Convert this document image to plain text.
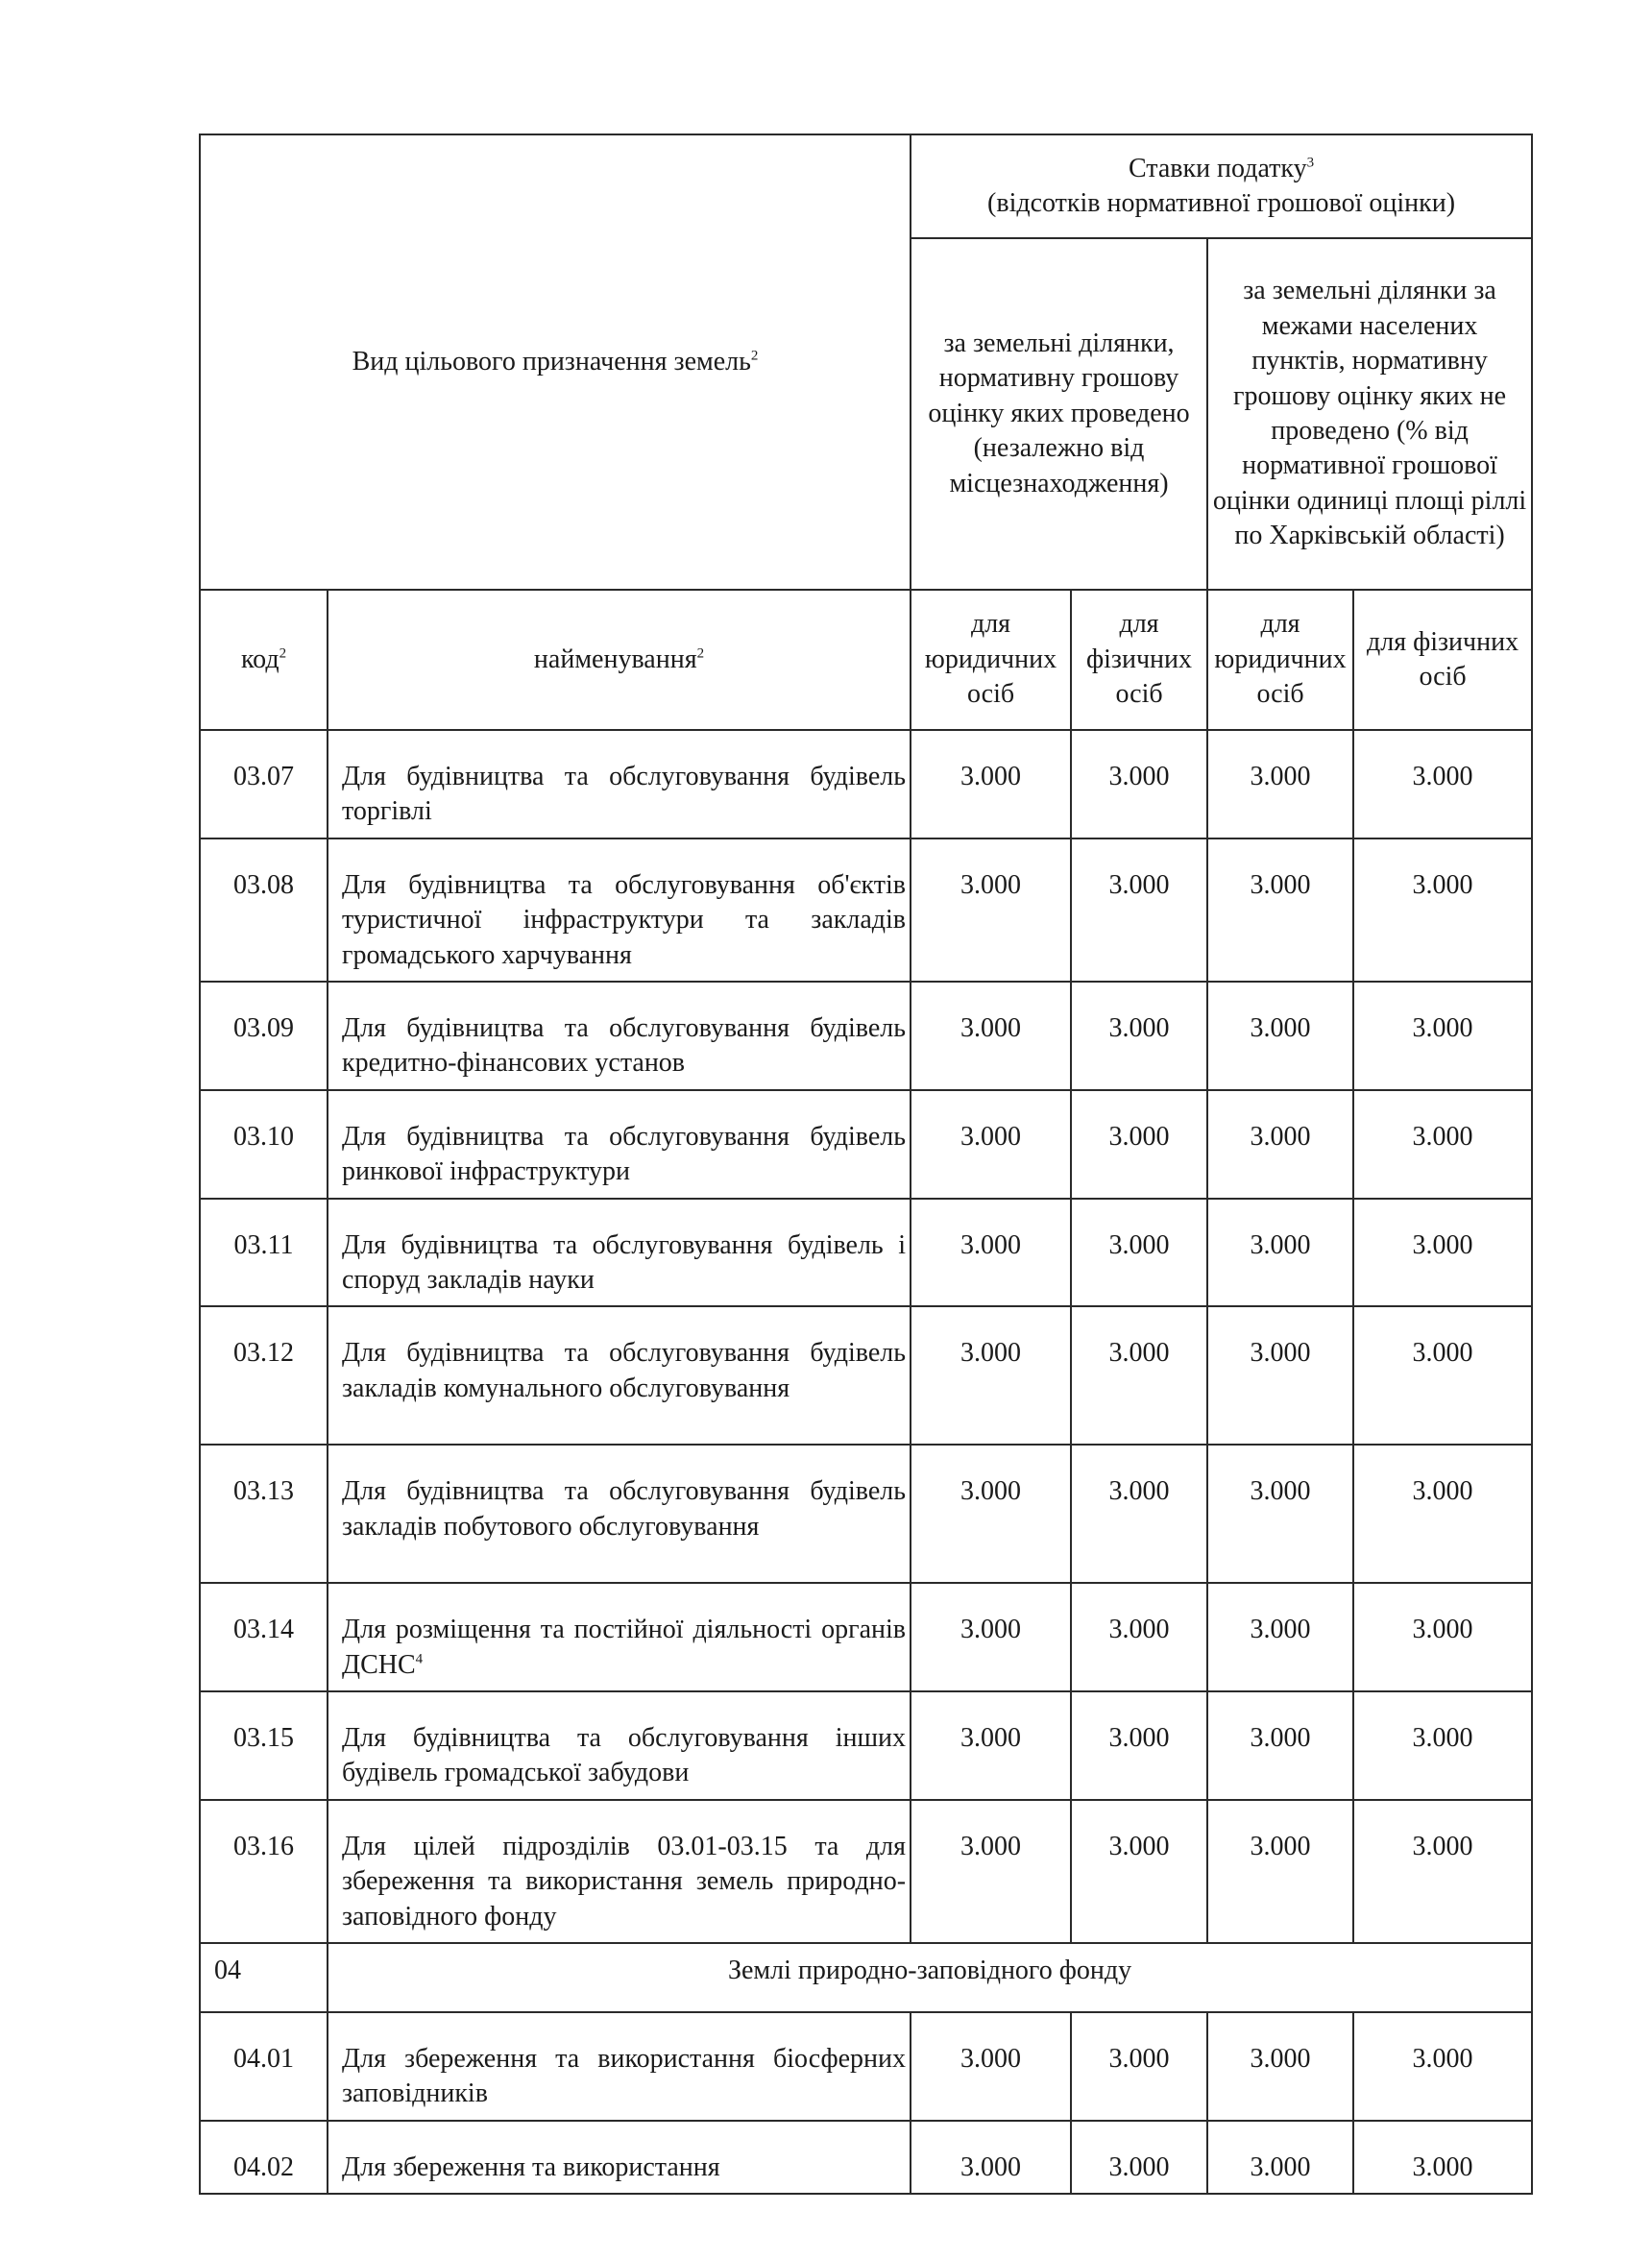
Вид цільового призначення земель$^2$		Ставки податку$^3$
(відсотків нормативної грошової оцінки)			
		за земельні ділянки, нормативну грошову оцінку яких проведено (незалежно від місцезнаходження)		за земельні ділянки за межами населених пунктів, нормативну грошову оцінку яких не проведено (% від нормативної грошової оцінки одиниці площі ріллі по Харківській області)	
код$^2$	найменування$^2$	для юридичних осіб	для фізичних осіб	для юридичних осіб	для фізичних осіб
03.07	Для будівництва та обслуговування будівель торгівлі	3.000	3.000	3.000	3.000
03.08	Для будівництва та обслуговування об'єктів туристичної інфраструктури та закладів громадського харчування	3.000	3.000	3.000	3.000
03.09	Для будівництва та обслуговування будівель кредитно-фінансових установ	3.000	3.000	3.000	3.000
03.10	Для будівництва та обслуговування будівель ринкової інфраструктури	3.000	3.000	3.000	3.000
03.11	Для будівництва та обслуговування будівель і споруд закладів науки	3.000	3.000	3.000	3.000
03.12	Для будівництва та обслуговування будівель закладів комунального обслуговування	3.000	3.000	3.000	3.000
03.13	Для будівництва та обслуговування будівель закладів побутового обслуговування	3.000	3.000	3.000	3.000
03.14	Для розміщення та постійної діяльності органів ДСНС$^4$	3.000	3.000	3.000	3.000
03.15	Для будівництва та обслуговування інших будівель громадської забудови	3.000	3.000	3.000	3.000
03.16	Для цілей підрозділів 03.01-03.15 та для збереження та використання земель природно-заповідного фонду	3.000	3.000	3.000	3.000
04	Землі природно-заповідного фонду				
04.01	Для збереження та використання біосферних заповідників	3.000	3.000	3.000	3.000
04.02	Для збереження та використання	3.000	3.000	3.000	3.000
